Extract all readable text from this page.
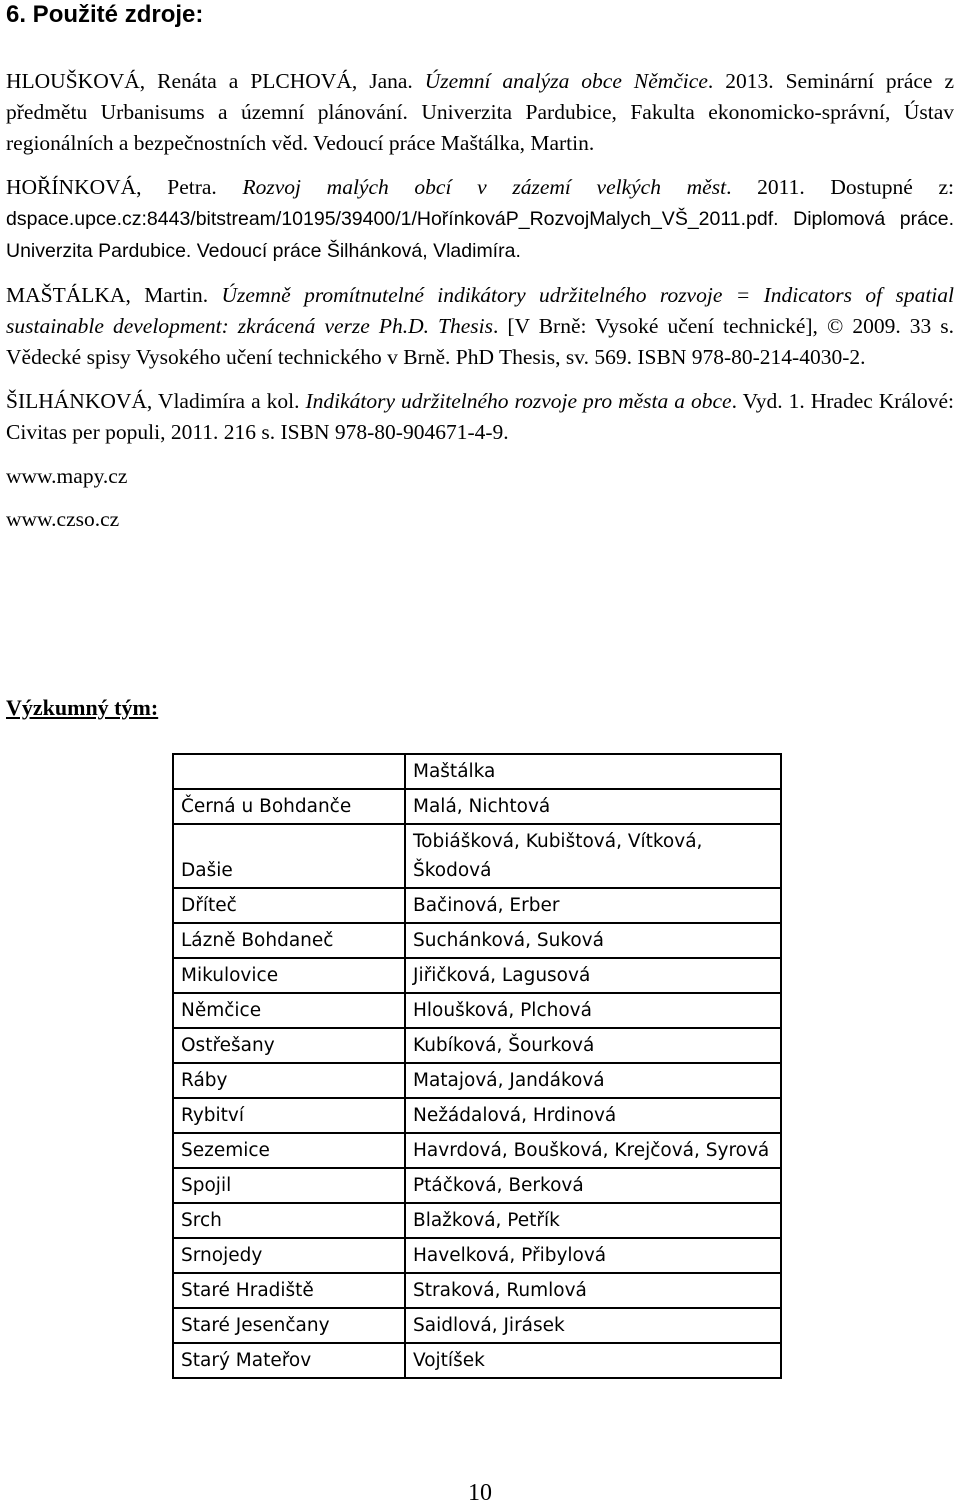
6. Použité zdroje:

HLOUŠKOVÁ, Renáta a PLCHOVÁ, Jana. Územní analýza obce Němčice. 2013. Seminární práce z předmětu Urbanisums a územní plánování. Univerzita Pardubice, Fakulta ekonomicko-správní, Ústav regionálních a bezpečnostních věd. Vedoucí práce Maštálka, Martin.

HOŘÍNKOVÁ, Petra. Rozvoj malých obcí v zázemí velkých měst. 2011. Dostupné z: dspace.upce.cz:8443/bitstream/10195/39400/1/HořínkováP_RozvojMalych_VŠ_2011.pdf. Diplomová práce. Univerzita Pardubice. Vedoucí práce Šilhánková, Vladimíra.

MAŠTÁLKA, Martin. Územně promítnutelné indikátory udržitelného rozvoje = Indicators of spatial sustainable development: zkrácená verze Ph.D. Thesis. [V Brně: Vysoké učení technické], © 2009. 33 s. Vědecké spisy Vysokého učení technického v Brně. PhD Thesis, sv. 569. ISBN 978-80-214-4030-2.

ŠILHÁNKOVÁ, Vladimíra a kol. Indikátory udržitelného rozvoje pro města a obce. Vyd. 1. Hradec Králové: Civitas per populi, 2011. 216 s. ISBN 978-80-904671-4-9.

www.mapy.cz

www.czso.cz

Výzkumný tým:
	Maštálka
Černá u Bohdanče	Malá, Nichtová
Dašie	Tobiášková, Kubištová, Vítková, Škodová
Dříteč	Bačinová, Erber
Lázně Bohdaneč	Suchánková, Suková
Mikulovice	Jiřičková, Lagusová
Němčice	Hloušková, Plchová
Ostřešany	Kubíková, Šourková
Ráby	Matajová, Jandáková
Rybitví	Nežádalová, Hrdinová
Sezemice	Havrdová, Boušková, Krejčová, Syrová
Spojil	Ptáčková, Berková
Srch	Blažková, Petřík
Srnojedy	Havelková, Přibylová
Staré Hradiště	Straková, Rumlová
Staré Jesenčany	Saidlová, Jirásek
Starý Mateřov	Vojtíšek
10
